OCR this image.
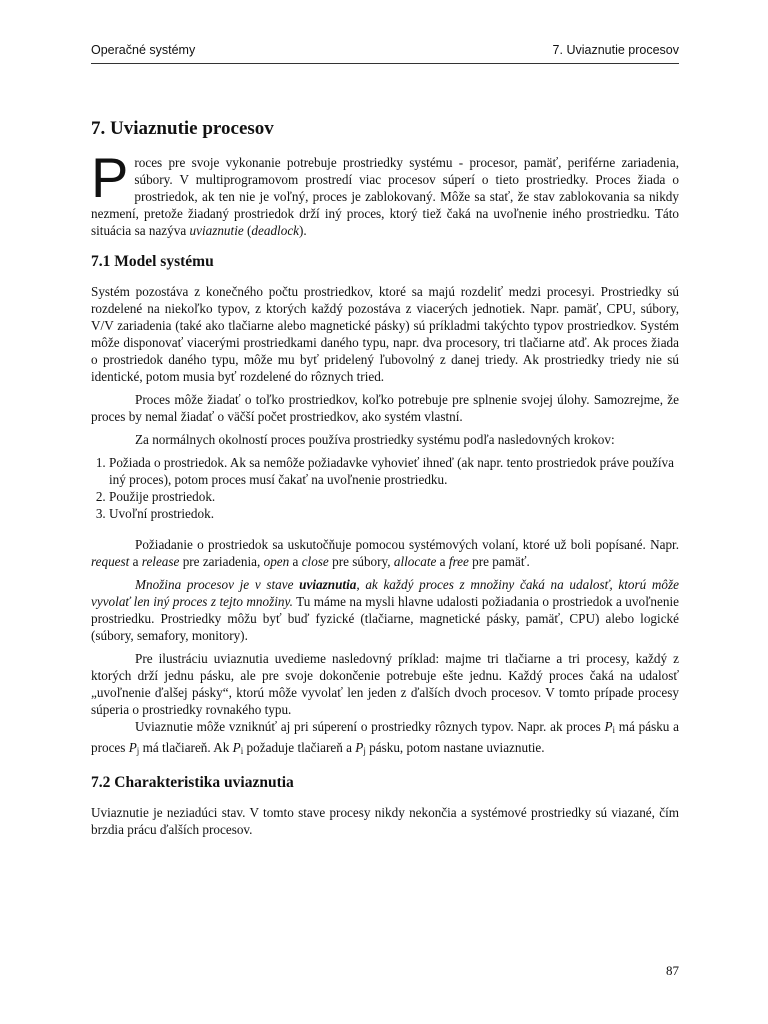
Operačné systémy	7. Uviaznutie procesov
7. Uviaznutie procesov

Proces pre svoje vykonanie potrebuje prostriedky systému - procesor, pamäť, periférne zariadenia, súbory. V multiprogramovom prostredí viac procesov súperí o tieto prostriedky. Proces žiada o prostriedok, ak ten nie je voľný, proces je zablokovaný. Môže sa stať, že stav zablokovania sa nikdy nezmení, pretože žiadaný prostriedok drží iný proces, ktorý tiež čaká na uvoľnenie iného prostriedku. Táto situácia sa nazýva uviaznutie (deadlock).

7.1 Model systému

Systém pozostáva z konečného počtu prostriedkov, ktoré sa majú rozdeliť medzi procesyi. Prostriedky sú rozdelené na niekoľko typov, z ktorých každý pozostáva z viacerých jednotiek. Napr. pamäť, CPU, súbory, V/V zariadenia (také ako tlačiarne alebo magnetické pásky) sú príkladmi takýchto typov prostriedkov. Systém môže disponovať viacerými prostriedkami daného typu, napr. dva procesory, tri tlačiarne atď. Ak proces žiada o prostriedok daného typu, môže mu byť pridelený ľubovolný z danej triedy. Ak prostriedky triedy nie sú identické, potom musia byť rozdelené do rôznych tried.

Proces môže žiadať o toľko prostriedkov, koľko potrebuje pre splnenie svojej úlohy. Samozrejme, že proces by nemal žiadať o väčší počet prostriedkov, ako systém vlastní.

Za normálnych okolností proces používa prostriedky systému podľa nasledovných krokov:

1. Požiada o prostriedok. Ak sa nemôže požiadavke vyhovieť ihneď (ak napr. tento prostriedok práve používa iný proces), potom proces musí čakať na uvoľnenie prostriedku.
2. Použije prostriedok.
3. Uvoľní prostriedok.

Požiadanie o prostriedok sa uskutočňuje pomocou systémových volaní, ktoré už boli popísané. Napr. request a release pre zariadenia, open a close pre súbory, allocate a free pre pamäť.

Množina procesov je v stave uviaznutia, ak každý proces z množiny čaká na udalosť, ktorú môže vyvolať len iný proces z tejto množiny. Tu máme na mysli hlavne udalosti požiadania o prostriedok a uvoľnenie prostriedku. Prostriedky môžu byť buď fyzické (tlačiarne, magnetické pásky, pamäť, CPU) alebo logické (súbory, semafory, monitory).

Pre ilustráciu uviaznutia uvedieme nasledovný príklad: majme tri tlačiarne a tri procesy, každý z ktorých drží jednu pásku, ale pre svoje dokončenie potrebuje ešte jednu. Každý proces čaká na udalosť „uvoľnenie ďalšej pásky“, ktorú môže vyvolať len jeden z ďalších dvoch procesov. V tomto prípade procesy súperia o prostriedky rovnakého typu.

Uviaznutie môže vzniknúť aj pri súperení o prostriedky rôznych typov. Napr. ak proces $P_i$ má pásku a proces $P_j$ má tlačiareň. Ak $P_i$ požaduje tlačiareň a $P_j$ pásku, potom nastane uviaznutie.

7.2 Charakteristika uviaznutia

Uviaznutie je neziadúci stav. V tomto stave procesy nikdy nekončia a systémové prostriedky sú viazané, čím brzdia prácu ďalších procesov.

87
